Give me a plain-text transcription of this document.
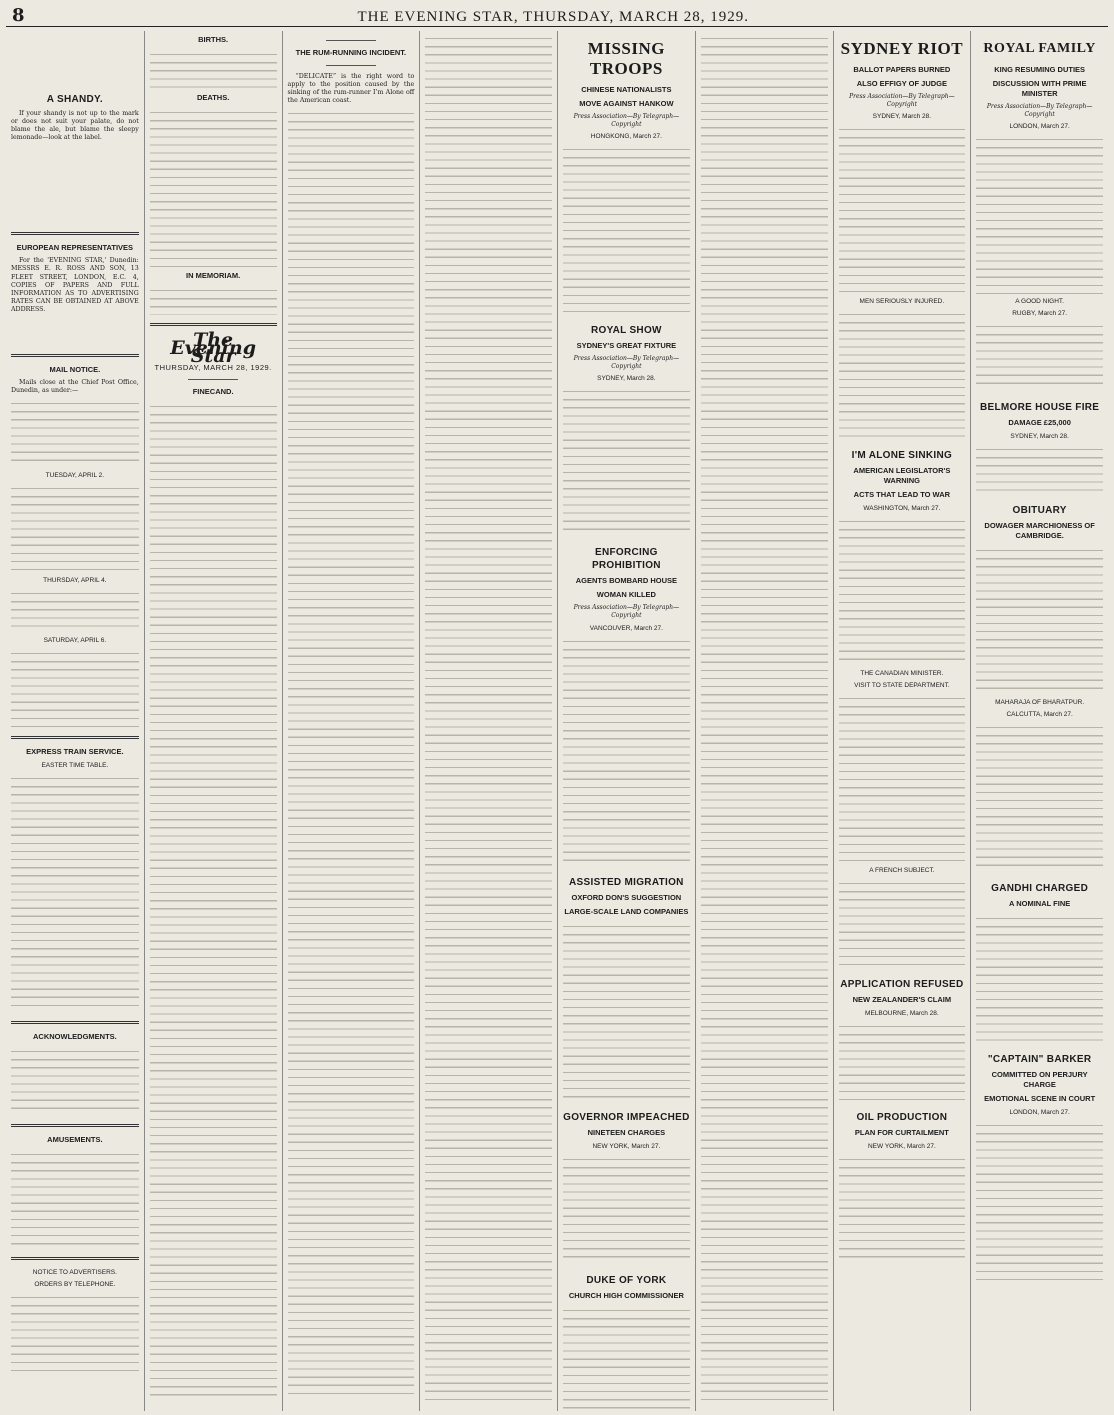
8	THE EVENING STAR, THURSDAY, MARCH 28, 1929.
A SHANDY.
If your shandy is not up to the mark or does not suit your palate, do not blame the ale, but blame the sleepy lemonade—look at the label.
EUROPEAN REPRESENTATIVES
For the 'EVENING STAR,' Dunedin: MESSRS E. R. ROSS AND SON, 13 FLEET STREET, LONDON, E.C. 4, COPIES OF PAPERS AND FULL INFORMATION AS TO ADVERTISING RATES CAN BE OBTAINED AT ABOVE ADDRESS.
MAIL NOTICE.
Mails close at the Chief Post Office, Dunedin, as under:—
TUESDAY, APRIL 2.
THURSDAY, APRIL 4.
SATURDAY, APRIL 6.
EXPRESS TRAIN SERVICE.
EASTER TIME TABLE.
ACKNOWLEDGMENTS.
AMUSEMENTS.
NOTICE TO ADVERTISERS.
ORDERS BY TELEPHONE.
BIRTHS.
DEATHS.
IN MEMORIAM.
The Evening Star
THURSDAY, MARCH 28, 1929.
FINECAND.
THE RUM-RUNNING INCIDENT.
“DELICATE” is the right word to apply to the position caused by the sinking of the rum-runner I’m Alone off the American coast.
MISSING TROOPS
CHINESE NATIONALISTS
MOVE AGAINST HANKOW
Press Association—By Telegraph—Copyright
HONGKONG, March 27.
ROYAL SHOW
SYDNEY'S GREAT FIXTURE
Press Association—By Telegraph—Copyright
SYDNEY, March 28.
ENFORCING PROHIBITION
AGENTS BOMBARD HOUSE
WOMAN KILLED
Press Association—By Telegraph—Copyright
VANCOUVER, March 27.
ASSISTED MIGRATION
OXFORD DON'S SUGGESTION
LARGE-SCALE LAND COMPANIES
GOVERNOR IMPEACHED
NINETEEN CHARGES
NEW YORK, March 27.
DUKE OF YORK
CHURCH HIGH COMMISSIONER
SYDNEY RIOT
BALLOT PAPERS BURNED
ALSO EFFIGY OF JUDGE
Press Association—By Telegraph—Copyright
SYDNEY, March 28.
MEN SERIOUSLY INJURED.
I'M ALONE SINKING
AMERICAN LEGISLATOR'S WARNING
ACTS THAT LEAD TO WAR
WASHINGTON, March 27.
THE CANADIAN MINISTER.
VISIT TO STATE DEPARTMENT.
A FRENCH SUBJECT.
APPLICATION REFUSED
NEW ZEALANDER'S CLAIM
MELBOURNE, March 28.
OIL PRODUCTION
PLAN FOR CURTAILMENT
NEW YORK, March 27.
ROYAL FAMILY
KING RESUMING DUTIES
DISCUSSION WITH PRIME MINISTER
Press Association—By Telegraph—Copyright
LONDON, March 27.
A GOOD NIGHT.
RUGBY, March 27.
BELMORE HOUSE FIRE
DAMAGE £25,000
SYDNEY, March 28.
OBITUARY
DOWAGER MARCHIONESS OF CAMBRIDGE.
MAHARAJA OF BHARATPUR.
CALCUTTA, March 27.
GANDHI CHARGED
A NOMINAL FINE
"CAPTAIN" BARKER
COMMITTED ON PERJURY CHARGE
EMOTIONAL SCENE IN COURT
LONDON, March 27.
